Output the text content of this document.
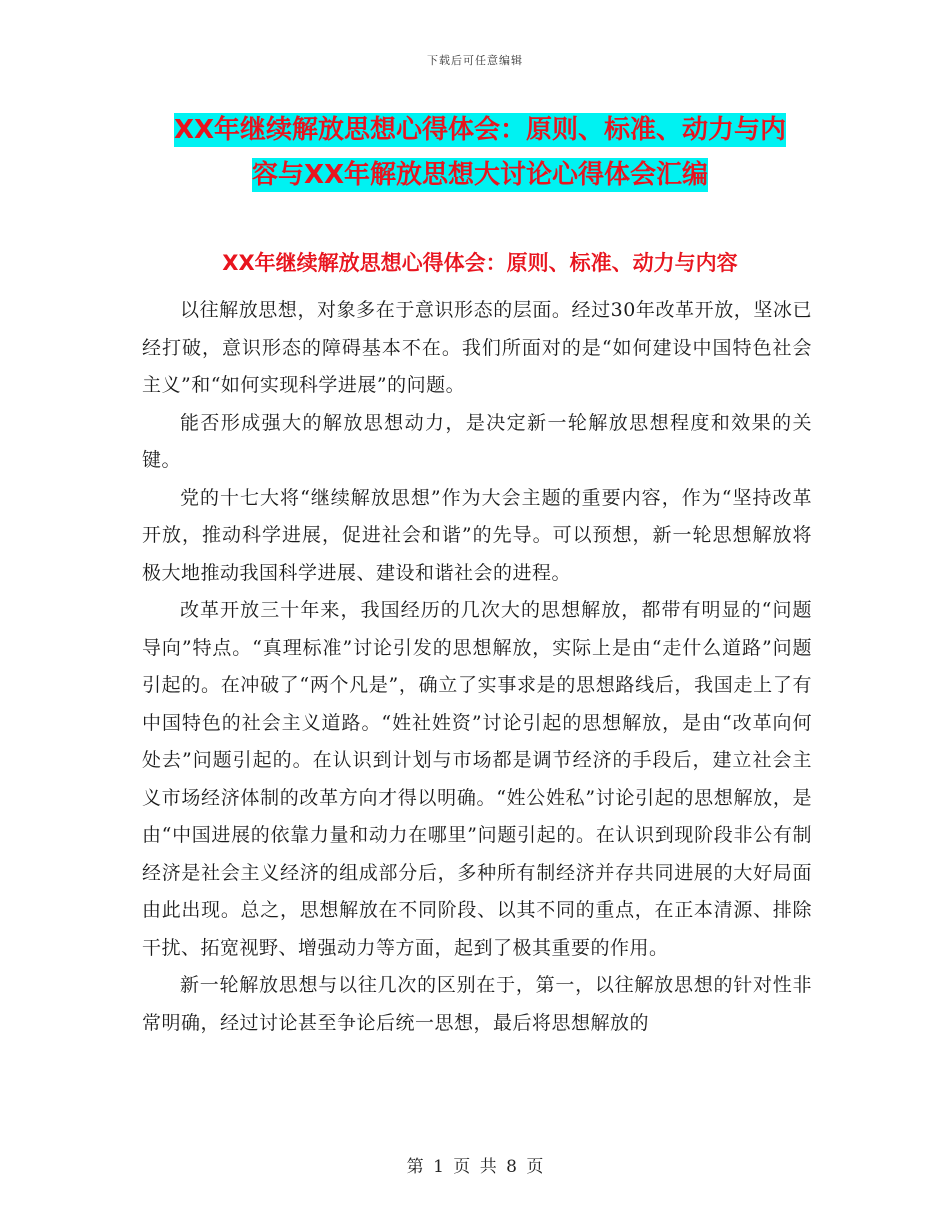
下载后可任意编辑
XX年继续解放思想心得体会：原则、标准、动力与内
容与XX年解放思想大讨论心得体会汇编
XX年继续解放思想心得体会：原则、标准、动力与内容

以往解放思想，对象多在于意识形态的层面。经过30年改革开放，坚冰已经打破，意识形态的障碍基本不在。我们所面对的是“如何建设中国特色社会主义”和“如何实现科学进展”的问题。

能否形成强大的解放思想动力，是决定新一轮解放思想程度和效果的关键。

党的十七大将“继续解放思想”作为大会主题的重要内容，作为“坚持改革开放，推动科学进展，促进社会和谐”的先导。可以预想，新一轮思想解放将极大地推动我国科学进展、建设和谐社会的进程。

改革开放三十年来，我国经历的几次大的思想解放，都带有明显的“问题导向”特点。“真理标准”讨论引发的思想解放，实际上是由“走什么道路”问题引起的。在冲破了“两个凡是”，确立了实事求是的思想路线后，我国走上了有中国特色的社会主义道路。“姓社姓资”讨论引起的思想解放，是由“改革向何处去”问题引起的。在认识到计划与市场都是调节经济的手段后，建立社会主义市场经济体制的改革方向才得以明确。“姓公姓私”讨论引起的思想解放，是由“中国进展的依靠力量和动力在哪里”问题引起的。在认识到现阶段非公有制经济是社会主义经济的组成部分后，多种所有制经济并存共同进展的大好局面由此出现。总之，思想解放在不同阶段、以其不同的重点，在正本清源、排除干扰、拓宽视野、增强动力等方面，起到了极其重要的作用。

新一轮解放思想与以往几次的区别在于，第一，以往解放思想的针对性非常明确，经过讨论甚至争论后统一思想，最后将思想解放的

第 1 页 共 8 页
